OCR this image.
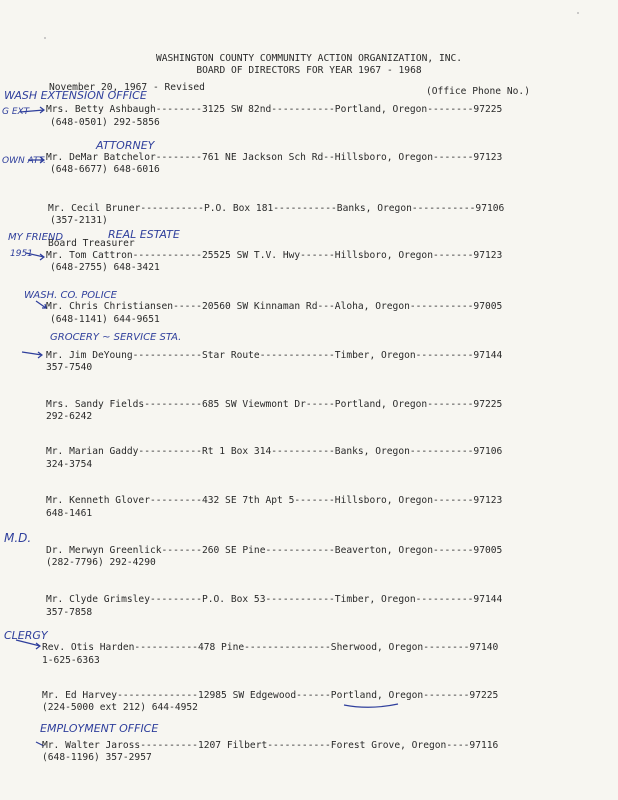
WASHINGTON COUNTY COMMUNITY ACTION ORGANIZATION, INC.
BOARD OF DIRECTORS FOR YEAR 1967 - 1968
November 20, 1967 - Revised	(Office Phone No.)
WASH EXTENSION OFFICE
G EXT
ATTORNEY
OWN ATT.
MY FRIEND
1951
REAL ESTATE
WASH. CO. POLICE
GROCERY ~ SERVICE STA.
M.D.
CLERGY
EMPLOYMENT OFFICE
Mrs. Betty Ashbaugh--------3125 SW 82nd-----------Portland, Oregon--------97225
(648-0501) 292-5856
Mr. DeMar Batchelor--------761 NE Jackson Sch Rd--Hillsboro, Oregon-------97123
(648-6677) 648-6016
Mr. Cecil Bruner-----------P.O. Box 181-----------Banks, Oregon-----------97106
(357-2131)
Board Treasurer
Mr. Tom Cattron------------25525 SW T.V. Hwy------Hillsboro, Oregon-------97123
(648-2755) 648-3421
Mr. Chris Christiansen-----20560 SW Kinnaman Rd---Aloha, Oregon-----------97005
(648-1141) 644-9651
Mr. Jim DeYoung------------Star Route-------------Timber, Oregon----------97144
357-7540
Mrs. Sandy Fields----------685 SW Viewmont Dr-----Portland, Oregon--------97225
292-6242
Mr. Marian Gaddy-----------Rt 1 Box 314-----------Banks, Oregon-----------97106
324-3754
Mr. Kenneth Glover---------432 SE 7th Apt 5-------Hillsboro, Oregon-------97123
648-1461
Dr. Merwyn Greenlick-------260 SE Pine------------Beaverton, Oregon-------97005
(282-7796) 292-4290
Mr. Clyde Grimsley---------P.O. Box 53------------Timber, Oregon----------97144
357-7858
Rev. Otis Harden-----------478 Pine---------------Sherwood, Oregon--------97140
1-625-6363
Mr. Ed Harvey--------------12985 SW Edgewood------Portland, Oregon--------97225
(224-5000 ext 212) 644-4952
Mr. Walter Jaross----------1207 Filbert-----------Forest Grove, Oregon----97116
(648-1196) 357-2957
